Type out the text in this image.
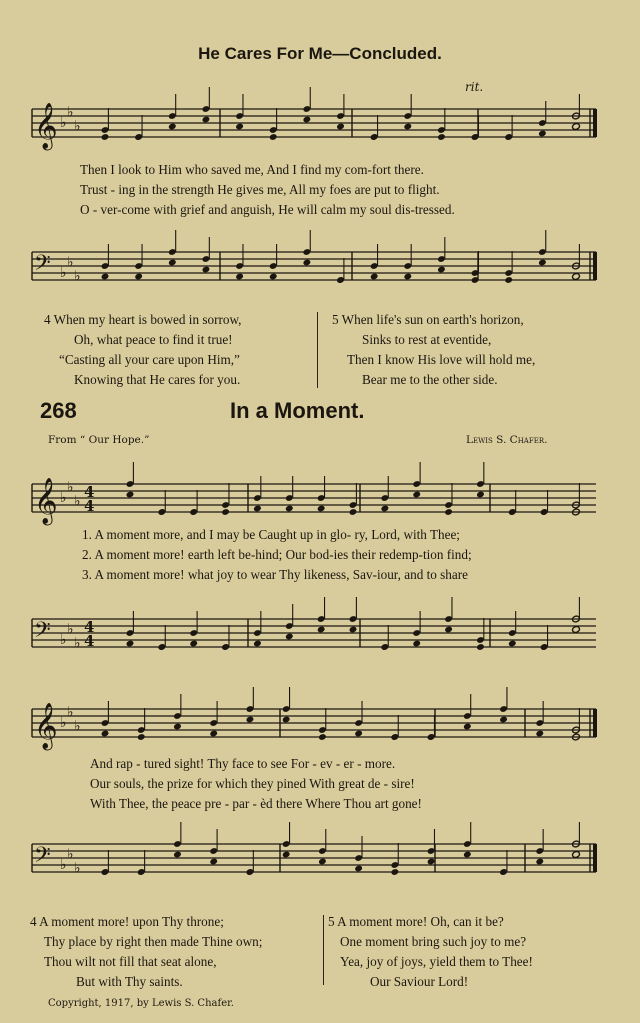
He Cares For Me—Concluded.
rit.
𝄞 ♭
♭
♭
Then I look to Him who saved me, And I find my com-fort there.
Trust - ing in the strength He gives me, All my foes are put to flight.
O - ver-come with grief and anguish, He will calm my soul dis-tressed.
𝄢 ♭
♭
♭
4 When my heart is bowed in sorrow,
Oh, what peace to find it true!
“Casting all your care upon Him,”
Knowing that He cares for you.
5 When life's sun on earth's horizon,
Sinks to rest at eventide,
Then I know His love will hold me,
Bear me to the other side.
268	In a Moment.
From “ Our Hope.”	Lewis S. Chafer.
𝄞 ♭
♭
♭
4
4
1. A moment more, and I may be Caught up in glo- ry, Lord, with Thee;
2. A moment more! earth left be-hind; Our bod-ies their redemp-tion find;
3. A moment more! what joy to wear Thy likeness, Sav-iour, and to share
𝄢 ♭
♭
♭
4
4
𝄞 ♭
♭
♭
And rap - tured sight! Thy face to see For - ev - er - more.
Our souls, the prize for which they pined With great de - sire!
With Thee, the peace pre - par - èd there Where Thou art gone!
𝄢 ♭
♭
♭
4 A moment more! upon Thy throne;
Thy place by right then made Thine own;
Thou wilt not fill that seat alone,
But with Thy saints.
5 A moment more! Oh, can it be?
One moment bring such joy to me?
Yea, joy of joys, yield them to Thee!
Our Saviour Lord!
Copyright, 1917, by Lewis S. Chafer.
